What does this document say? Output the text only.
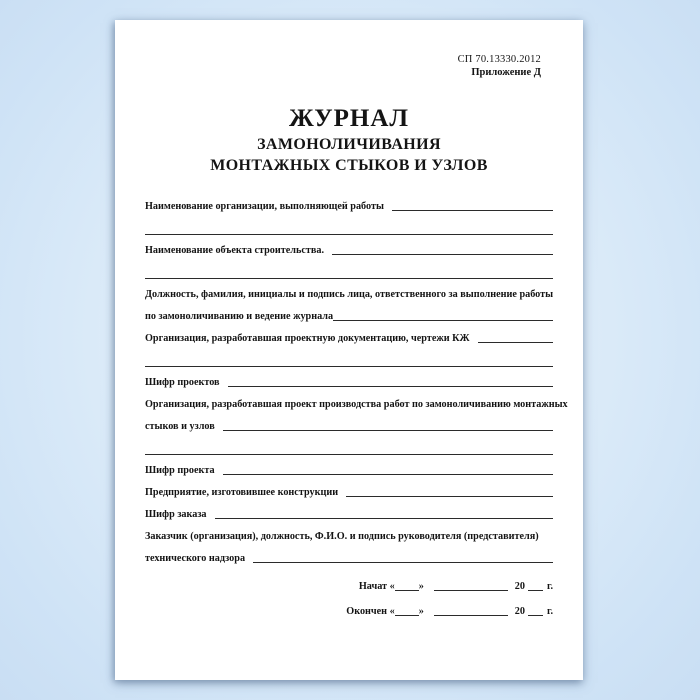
СП 70.13330.2012
Приложение Д
ЖУРНАЛ
ЗАМОНОЛИЧИВАНИЯ
МОНТАЖНЫХ СТЫКОВ И УЗЛОВ
Наименование организации, выполняющей работы
Наименование объекта строительства.
Должность, фамилия, инициалы и подпись лица, ответственного за выполнение работы
по замоноличиванию и ведение журнала
Организация, разработавшая проектную документацию, чертежи КЖ
Шифр проектов
Организация, разработавшая проект производства работ по замоноличиванию монтажных
стыков и узлов
Шифр проекта
Предприятие, изготовившее конструкции
Шифр заказа
Заказчик (организация), должность, Ф.И.О. и подпись руководителя (представителя)
технического надзора
Начат « »	20 г.
Окончен « »	20 г.
